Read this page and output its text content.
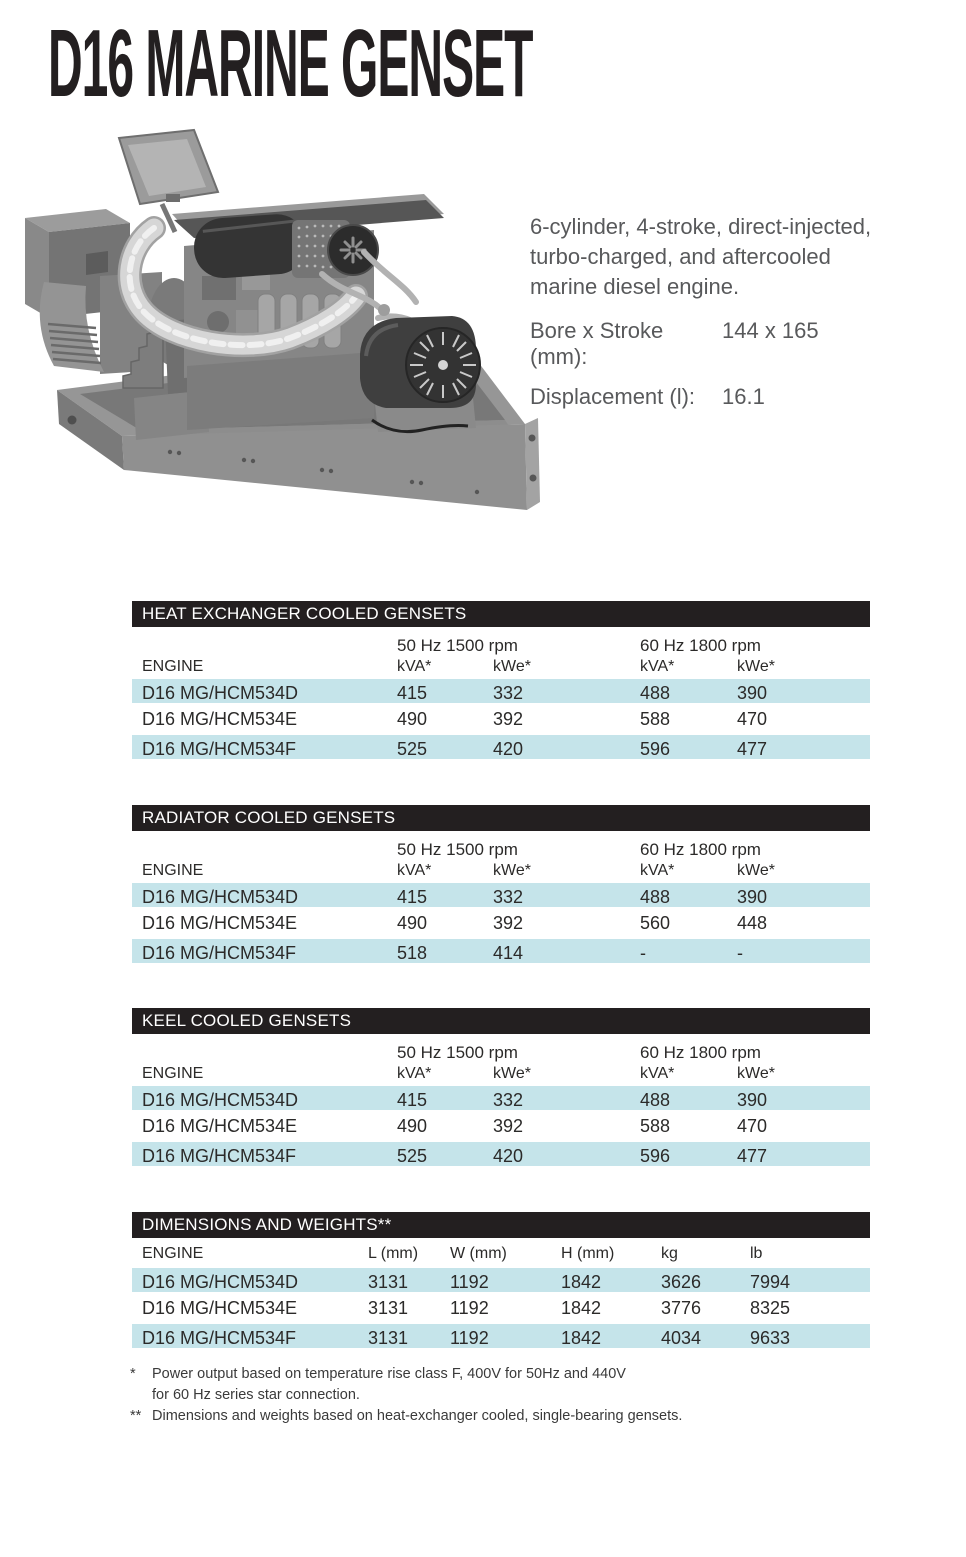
D16 MARINE GENSET

6-cylinder, 4-stroke, direct-injected, turbo-charged, and aftercooled marine diesel engine.

Bore x Stroke (mm):
144 x 165
Displacement (l):	16.1
HEAT EXCHANGER COOLED GENSETS
50 Hz 1500 rpm	60 Hz 1800 rpm
ENGINE	kVA*	kWe*	kVA*	kWe*
D16 MG/HCM534D	415	332	488	390
D16 MG/HCM534E	490	392	588	470
D16 MG/HCM534F	525	420	596	477
RADIATOR COOLED GENSETS
50 Hz 1500 rpm	60 Hz 1800 rpm
ENGINE	kVA*	kWe*	kVA*	kWe*
D16 MG/HCM534D	415	332	488	390
D16 MG/HCM534E	490	392	560	448
D16 MG/HCM534F	518	414	-	-
KEEL COOLED GENSETS
50 Hz 1500 rpm	60 Hz 1800 rpm
ENGINE	kVA*	kWe*	kVA*	kWe*
D16 MG/HCM534D	415	332	488	390
D16 MG/HCM534E	490	392	588	470
D16 MG/HCM534F	525	420	596	477
DIMENSIONS AND WEIGHTS**
ENGINE	L (mm)	W (mm)	H (mm)	kg	lb
D16 MG/HCM534D	3131	1192	1842	3626	7994
D16 MG/HCM534E	3131	1192	1842	3776	8325
D16 MG/HCM534F	3131	1192	1842	4034	9633
* Power output based on temperature rise class F, 400V for 50Hz and 440V
for 60 Hz series star connection.
** Dimensions and weights based on heat-exchanger cooled, single-bearing gensets.
